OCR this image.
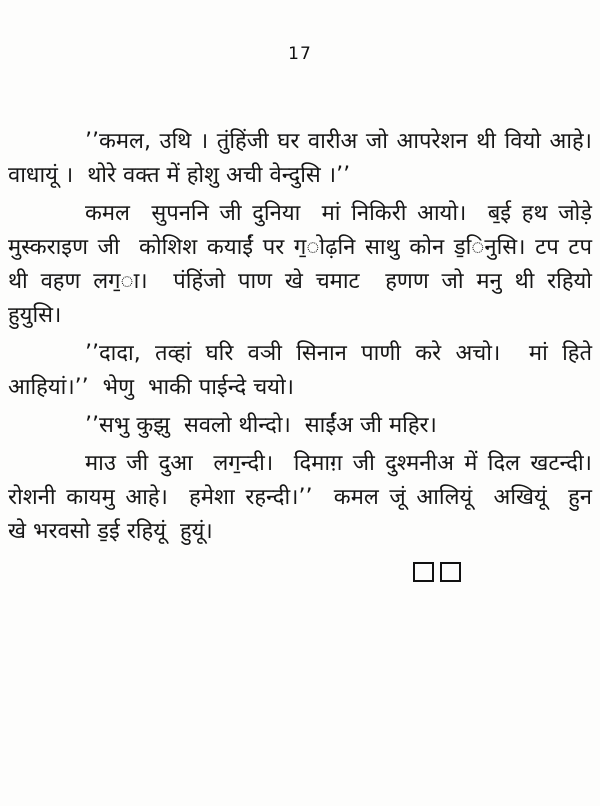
17
’’कमल, उथि । तुंहिंजी घर वारीअ जो आपरेशन थी वियो आहे।
वाधायूं ।  थोरे वक्त में होशु अची वेन्दुसि ।’’
कमल  सुपननि जी दुनिया  मां निकिरी आयो।  ब̱ई हथ जोड़े
मुस्कराइण जी  कोशिश कयाईं पर ग̱ोढ़नि साथु कोन ड̱िनुसि। टप टप
थी वहण लग̱ा।  पंहिंजो पाण खे चमाट  हणण जो मनु थी रहियो
हुयुसि।
’’दादा, तव्हां घरि वञी सिनान पाणी करे अचो।  मां हिते
आहियां।’’  भेणु  भाकी पाईन्दे चयो।
’’सभु कुझु  सवलो थीन्दो।  साईंअ जी महिर।
माउ जी दुआ  लग̱न्दी।  दिमाग़ जी दुश्मनीअ में दिल खटन्दी।
रोशनी कायमु आहे।  हमेशा रहन्दी।’’  कमल जूं आलियूं  अखियूं  हुन
खे भरवसो ड̱ई रहियूं  हुयूं।
